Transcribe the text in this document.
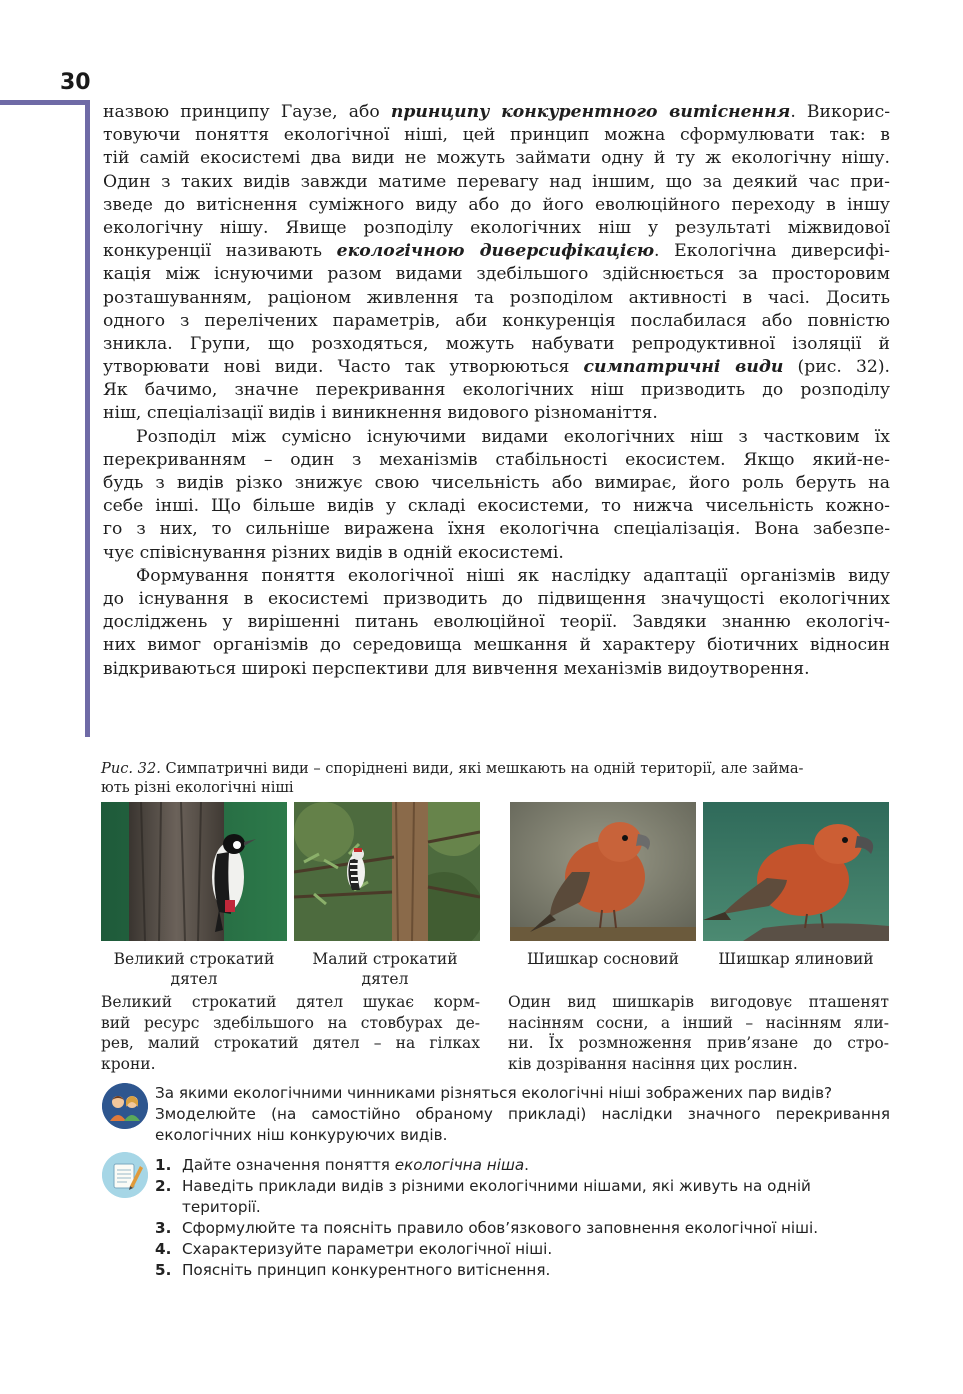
30
назвою принципу Гаузе, або принципу конкурентного витіснення. Викорис-
товуючи поняття екологічної ніші, цей принцип можна сформулювати так: в
тій самій екосистемі два види не можуть займати одну й ту ж екологічну нішу.
Один з таких видів завжди матиме перевагу над іншим, що за деякий час при-
зведе до витіснення суміжного виду або до його еволюційного переходу в іншу
екологічну нішу. Явище розподілу екологічних ніш у результаті міжвидової
конкуренції називають екологічною диверсифікацією. Екологічна диверсифі-
кація між існуючими разом видами здебільшого здійснюється за просторовим
розташуванням, раціоном живлення та розподілом активності в часі. Досить
одного з перелічених параметрів, аби конкуренція послабилася або повністю
зникла. Групи, що розходяться, можуть набувати репродуктивної ізоляції й
утворювати нові види. Часто так утворюються симпатричні види (рис. 32).
Як бачимо, значне перекривання екологічних ніш призводить до розподілу
ніш, спеціалізації видів і виникнення видового різноманіття.
Розподіл між сумісно існуючими видами екологічних ніш з частковим їх
перекриванням – один з механізмів стабільності екосистем. Якщо який-не-
будь з видів різко знижує свою чисельність або вимирає, його роль беруть на
себе інші. Що більше видів у складі екосистеми, то нижча чисельність кожно-
го з них, то сильніше виражена їхня екологічна спеціалізація. Вона забезпе-
чує співіснування різних видів в одній екосистемі.
Формування поняття екологічної ніші як наслідку адаптації організмів виду
до існування в екосистемі призводить до підвищення значущості екологічних
досліджень у вирішенні питань еволюційної теорії. Завдяки знанню екологіч-
них вимог організмів до середовища мешкання й характеру біотичних відносин
відкриваються широкі перспективи для вивчення механізмів видоутворення.
Рис. 32. Симпатричні види – споріднені види, які мешкають на одній території, але займа-
ють різні екологічні ніші
Великий строкатий
дятел
Малий строкатий
дятел
Шишкар сосновий	Шишкар ялиновий
Великий строкатий дятел шукає корм-
вий ресурс здебільшого на стовбурах де-
рев, малий строкатий дятел – на гілках
крони.
Один вид шишкарів вигодовує пташенят
насінням сосни, а інший – насінням яли-
ни. Їх розмноження прив’язане до стро-
ків дозрівання насіння цих рослин.
За якими екологічними чинниками різняться екологічні ніші зображених пар видів?
Змоделюйте (на самостійно обраному прикладі) наслідки значного перекривання
екологічних ніш конкуруючих видів.
1. Дайте означення поняття екологічна ніша.
2. Наведіть приклади видів з різними екологічними нішами, які живуть на одній
території.
3. Сформулюйте та поясніть правило обов’язкового заповнення екологічної ніші.
4. Схарактеризуйте параметри екологічної ніші.
5. Поясніть принцип конкурентного витіснення.
